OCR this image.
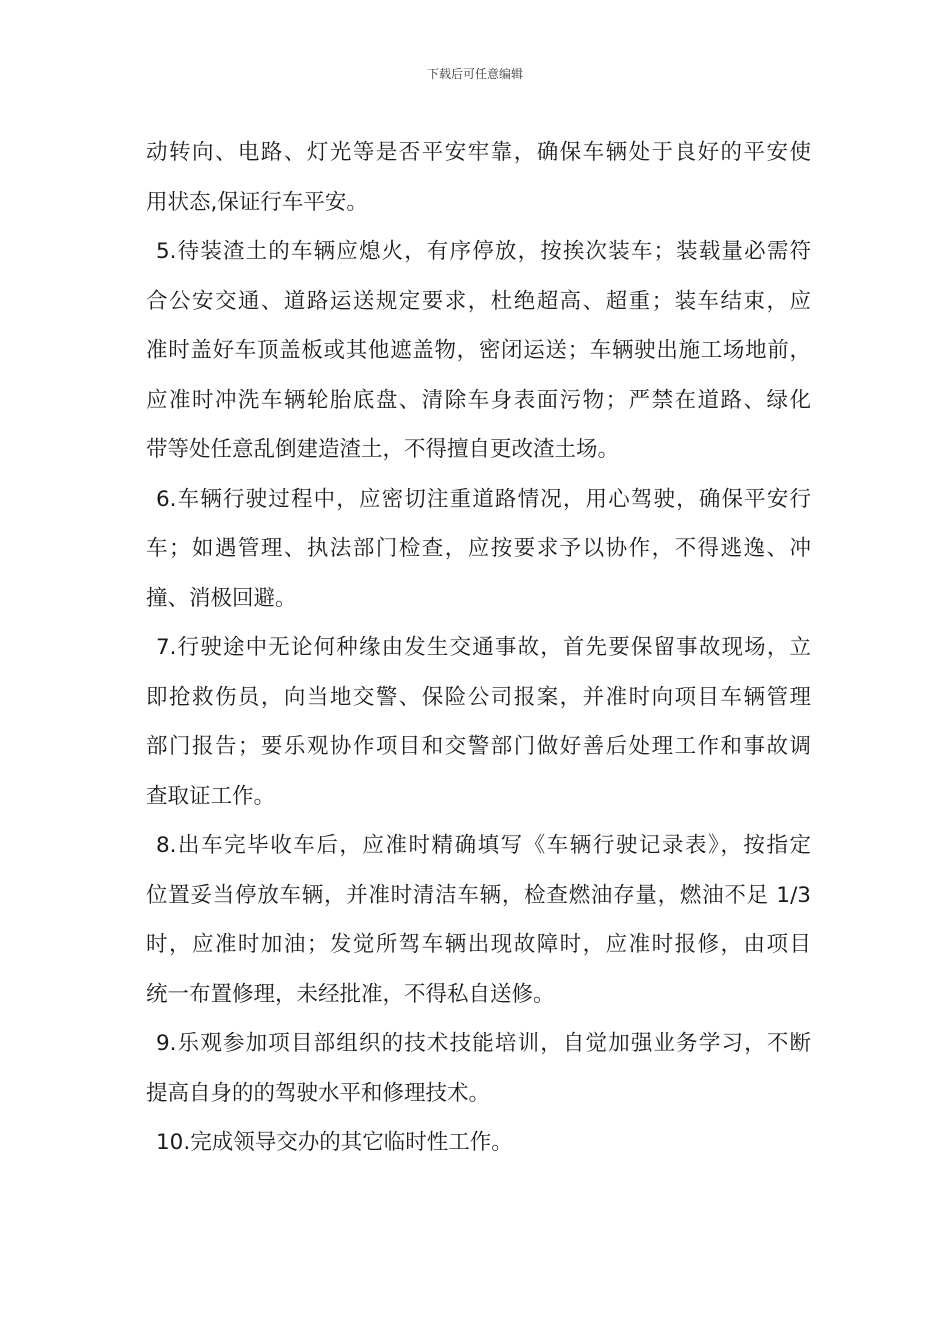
下载后可任意编辑
动转向、电路、灯光等是否平安牢靠，确保车辆处于良好的平安使
用状态,保证行车平安。
5.待装渣土的车辆应熄火，有序停放，按挨次装车；装载量必需符
合公安交通、道路运送规定要求，杜绝超高、超重；装车结束，应
准时盖好车顶盖板或其他遮盖物，密闭运送；车辆驶出施工场地前，
应准时冲洗车辆轮胎底盘、清除车身表面污物；严禁在道路、绿化
带等处任意乱倒建造渣土，不得擅自更改渣土场。
6.车辆行驶过程中，应密切注重道路情况，用心驾驶，确保平安行
车；如遇管理、执法部门检查，应按要求予以协作，不得逃逸、冲
撞、消极回避。
7.行驶途中无论何种缘由发生交通事故，首先要保留事故现场，立
即抢救伤员，向当地交警、保险公司报案，并准时向项目车辆管理
部门报告；要乐观协作项目和交警部门做好善后处理工作和事故调
查取证工作。
8.出车完毕收车后，应准时精确填写《车辆行驶记录表》，按指定
位置妥当停放车辆，并准时清洁车辆，检查燃油存量，燃油不足 1/3
时，应准时加油；发觉所驾车辆出现故障时，应准时报修，由项目
统一布置修理，未经批准，不得私自送修。
9.乐观参加项目部组织的技术技能培训，自觉加强业务学习，不断
提高自身的的驾驶水平和修理技术。
10.完成领导交办的其它临时性工作。
